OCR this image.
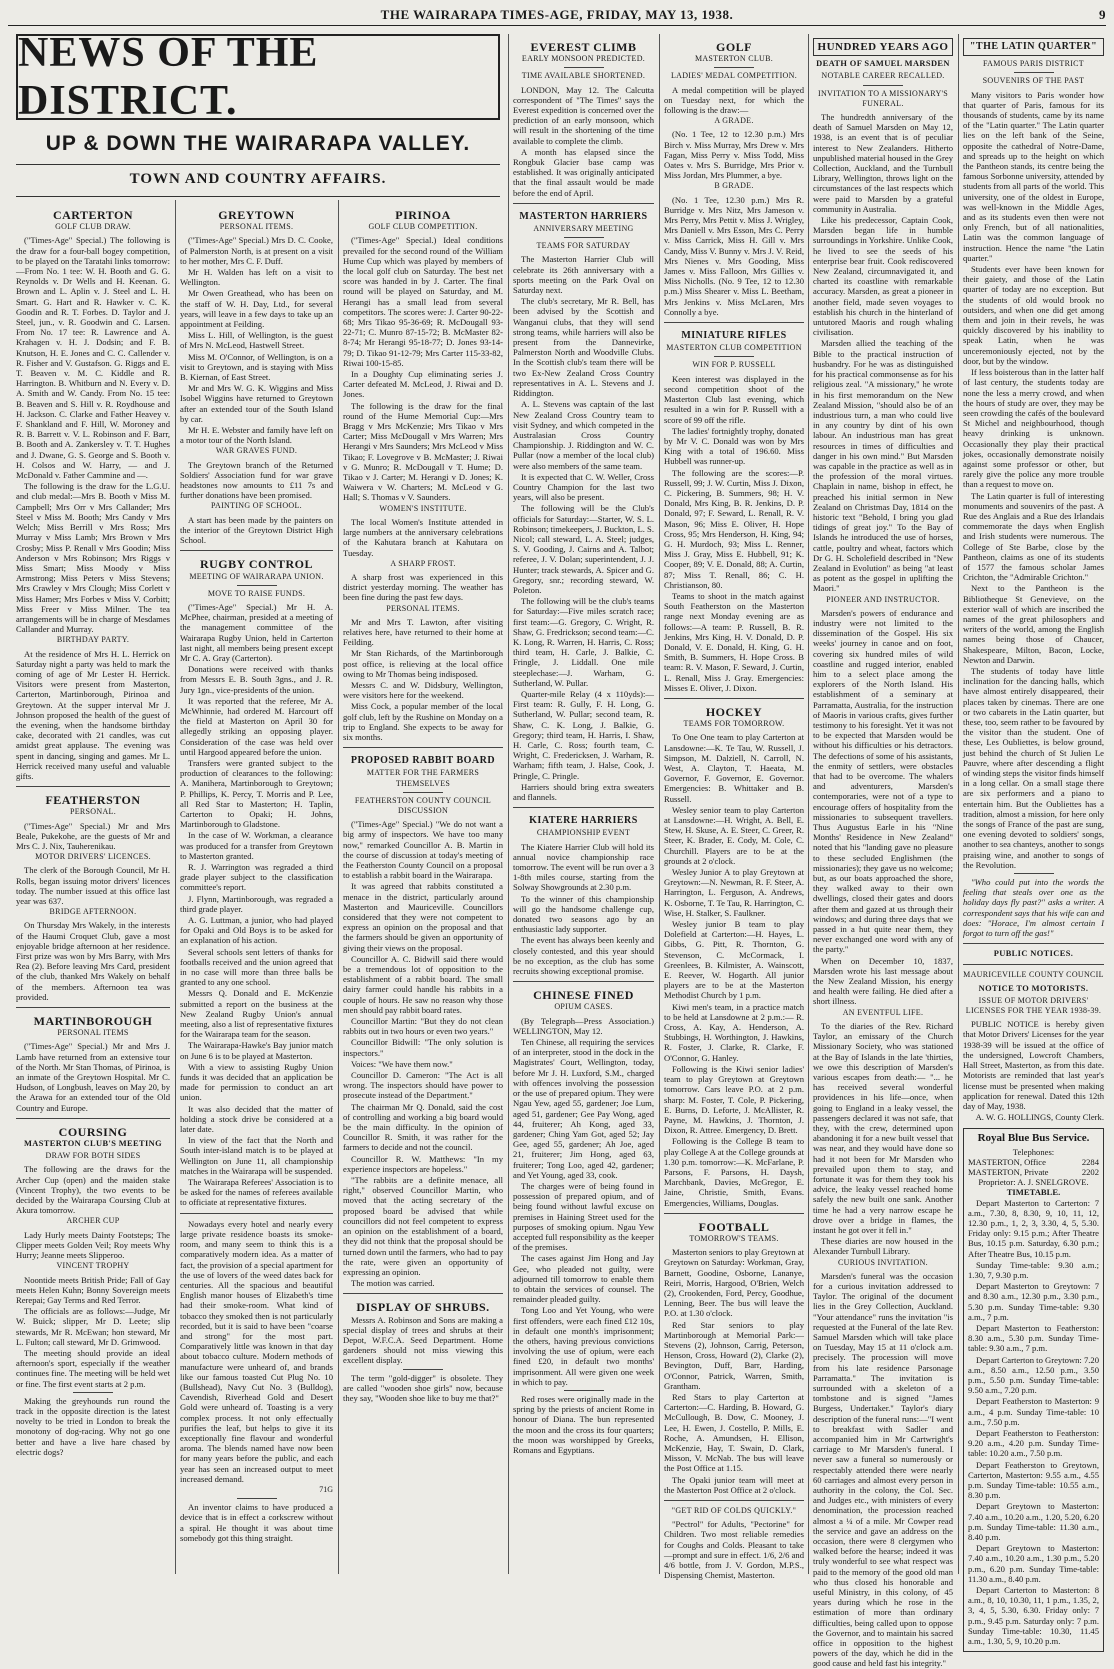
THE WAIRARAPA TIMES-AGE, FRIDAY, MAY 13, 1938.	9
NEWS OF THE DISTRICT.
UP & DOWN THE WAIRARAPA VALLEY.
TOWN AND COUNTRY AFFAIRS.
CARTERTON
GOLF CLUB DRAW.

("Times-Age" Special.) The following is the draw for a four-ball bogey competition, to be played on the Taratahi links tomorrow:—From No. 1 tee: W. H. Booth and G. G. Reynolds v. Dr Wells and H. Keenan. G. Brown and L. Aplin v. J. Steel and L. H. Smart. G. Hart and R. Hawker v. C. K. Goodin and R. T. Forbes. D. Taylor and J. Steel, jun., v. R. Goodwin and C. Larsen. From No. 17 tee: R. Lawrence and A. Krahagen v. H. J. Dodsin; and F. B. Knutson, H. E. Jones and C. C. Callender v. R. Fisher and V. Gustafson. G. Riggs and E. T. Beaven v. M. C. Kiddle and R. Harrington. B. Whitburn and N. Every v. D. A. Smith and W. Candy. From No. 15 tee: B. Beaven and S. Hill v. R. Roydhouse and H. Jackson. C. Clarke and Father Heavey v. F. Shankland and F. Hill, W. Moroney and R. B. Barrett v. V. L. Robinson and F. Barr, B. Booth and A. Zankersley v. T. T. Hughes and J. Dwane, G. S. George and S. Booth v. H. Colsos and W. Harry, — and J. McDonald v. Father Cammine and —.

The following is the draw for the L.G.U. and club medal:—Mrs B. Booth v Miss M. Campbell; Mrs Orr v Mrs Callander; Mrs Steel v Miss M. Booth; Mrs Candy v Mrs Welch; Miss Berrill v Mrs Ross; Mrs Murray v Miss Lamb; Mrs Brown v Mrs Crosby; Miss P. Renall v Mrs Goodin; Miss Anderson v Mrs Robinson; Mrs Riggs v Miss Smart; Miss Moody v Miss Armstrong; Miss Peters v Miss Stevens; Mrs Crawley v Mrs Clough; Miss Corlett v Miss Hamer; Mrs Forbes v Miss V. Corbitt; Miss Freer v Miss Milner. The tea arrangements will be in charge of Mesdames Callander and Murray.

BIRTHDAY PARTY.

At the residence of Mrs H. L. Herrick on Saturday night a party was held to mark the coming of age of Mr Lester H. Herrick. Visitors were present from Masterton, Carterton, Martinborough, Pirinoa and Greytown. At the supper interval Mr J. Johnson proposed the health of the guest of the evening, when the handsome birthday cake, decorated with 21 candles, was cut amidst great applause. The evening was spent in dancing, singing and games. Mr L. Herrick received many useful and valuable gifts.

FEATHERSTON
PERSONAL.

("Times-Age" Special.) Mr and Mrs Beale, Pukekohe, are the guests of Mr and Mrs C. J. Nix, Tauherenikau.

MOTOR DRIVERS' LICENCES.

The clerk of the Borough Council, Mr H. Rolls, began issuing motor drivers' licences today. The number issued at this office last year was 637.

BRIDGE AFTERNOON.

On Thursday Mrs Wakely, in the interests of the Haumi Croquet Club, gave a most enjoyable bridge afternoon at her residence. First prize was won by Mrs Barry, with Mrs Rea (2). Before leaving Mrs Card, president of the club, thanked Mrs Wakely on behalf of the members. Afternoon tea was provided.

MARTINBOROUGH
PERSONAL ITEMS

("Times-Age" Special.) Mr and Mrs J. Lamb have returned from an extensive tour of the North. Mr Stan Thomas, of Pirinoa, is an inmate of the Greytown Hospital. Mr C. Hudson, of Longbush, leaves on May 20, by the Arawa for an extended tour of the Old Country and Europe.

COURSING
MASTERTON CLUB'S MEETING
DRAW FOR BOTH SIDES

The following are the draws for the Archer Cup (open) and the maiden stake (Vincent Trophy), the two events to be decided by the Wairarapa Coursing Club at Akura tomorrow.

ARCHER CUP

Lady Hurly meets Dainty Footsteps; The Clipper meets Golden Veil; Roy meets Why Hurry; Jeanne meets Slipperoo.

VINCENT TROPHY

Noontide meets British Pride; Fall of Gay meets Helen Kuhn; Bonny Sovereign meets Rerepai; Gay Terms and Red Terror.

The officials are as follows:—Judge, Mr W. Buick; slipper, Mr D. Leete; slip stewards, Mr R. McEwan; hon steward, Mr L. Fulton; call steward, Mr D. Grimwood.

The meeting should provide an ideal afternoon's sport, especially if the weather continues fine. The meeting will be held wet or fine. The first event starts at 2 p.m.

Making the greyhounds run round the track in the opposite direction is the latest novelty to be tried in London to break the monotony of dog-racing. Why not go one better and have a live hare chased by electric dogs?

GREYTOWN
PERSONAL ITEMS.

("Times-Age" Special.) Mrs D. C. Cooke, of Palmerston North, is at present on a visit to her mother, Mrs C. F. Duff.

Mr H. Walden has left on a visit to Wellington.

Mr Owen Greathead, who has been on the staff of W. H. Day, Ltd., for several years, will leave in a few days to take up an appointment at Feilding.

Miss L. Hill, of Wellington, is the guest of Mrs N. McLeod, Hastwell Street.

Miss M. O'Connor, of Wellington, is on a visit to Greytown, and is staying with Miss B. Kiernan, of East Street.

Mr and Mrs W. G. K. Wiggins and Miss Isobel Wiggins have returned to Greytown after an extended tour of the South Island by car.

Mr H. E. Webster and family have left on a motor tour of the North Island.

WAR GRAVES FUND.

The Greytown branch of the Returned Soldiers' Association fund for war grave headstones now amounts to £11 7s and further donations have been promised.

PAINTING OF SCHOOL.

A start has been made by the painters on the interior of the Greytown District High School.

RUGBY CONTROL
MEETING OF WAIRARAPA UNION.
MOVE TO RAISE FUNDS.

("Times-Age" Special.) Mr H. A. McPhee, chairman, presided at a meeting of the management committee of the Wairarapa Rugby Union, held in Carterton last night, all members being present except Mr C. A. Gray (Carterton).

Donations were received with thanks from Messrs E. B. South 3gns., and J. R. Jury 1gn., vice-presidents of the union.

It was reported that the referee, Mr A. McWhinnie, had ordered M. Harcourt off the field at Masterton on April 30 for allegedly striking an opposing player. Consideration of the case was held over until Hargood appeared before the union.

Transfers were granted subject to the production of clearances to the following: A. Manihera, Martinborough to Greytown; P. Phillips, K. Percy, T. Morris and P. Lee, all Red Star to Masterton; H. Taplin, Carterton to Opaki; H. Johns, Martinborough to Gladstone.

In the case of W. Workman, a clearance was produced for a transfer from Greytown to Masterton granted.

R. J. Warrington was regraded a third grade player subject to the classification committee's report.

J. Flynn, Martinborough, was regraded a third grade player.

A. G. Luttman, a junior, who had played for Opaki and Old Boys is to be asked for an explanation of his action.

Several schools sent letters of thanks for footballs received and the union agreed that in no case will more than three balls be granted to any one school.

Messrs Q. Donald and E. McKenzie submitted a report on the business at the New Zealand Rugby Union's annual meeting, also a list of representative fixtures for the Wairarapa team for the season.

The Wairarapa-Hawke's Bay junior match on June 6 is to be played at Masterton.

With a view to assisting Rugby Union funds it was decided that an application be made for permission to conduct an art union.

It was also decided that the matter of holding a stock drive be considered at a later date.

In view of the fact that the North and South inter-island match is to be played at Wellington on June 11, all championship matches in the Wairarapa will be suspended.

The Wairarapa Referees' Association is to be asked for the names of referees available to officiate at representative fixtures.

Nowadays every hotel and nearly every large private residence boasts its smoke-room, and many seem to think this is a comparatively modern idea. As a matter of fact, the provision of a special apartment for the use of lovers of the weed dates back for centuries. All the spacious and beautiful English manor houses of Elizabeth's time had their smoke-room. What kind of tobacco they smoked then is not particularly recorded, but it is said to have been "coarse and strong" for the most part. Comparatively little was known in that day about tobacco culture. Modern methods of manufacture were unheard of, and brands like our famous toasted Cut Plug No. 10 (Bullshead), Navy Cut No. 3 (Bulldog), Cavendish, Riverhead Gold and Desert Gold were unheard of. Toasting is a very complex process. It not only effectually purifies the leaf, but helps to give it its exceptionally fine flavour and wonderful aroma. The blends named have now been for many years before the public, and each year has seen an increased output to meet increased demand.

71G

An inventor claims to have produced a device that is in effect a corkscrew without a spiral. He thought it was about time somebody got this thing straight.

PIRINOA
GOLF CLUB COMPETITION.

("Times-Age" Special.) Ideal conditions prevailed for the second round of the William Hume Cup which was played by members of the local golf club on Saturday. The best net score was handed in by J. Carter. The final round will be played on Saturday, and M. Herangi has a small lead from several competitors. The scores were: J. Carter 90-22-68; Mrs Tikao 95-36-69; R. McDougall 93-22-71; C. Munro 87-15-72; B. McMaster 82-8-74; Mr Herangi 95-18-77; D. Jones 93-14-79; D. Tikao 91-12-79; Mrs Carter 115-33-82, Riwai 100-15-85.

In a Doughty Cup eliminating series J. Carter defeated M. McLeod, J. Riwai and D. Jones.

The following is the draw for the final round of the Hume Memorial Cup:—Mrs Bragg v Mrs McKenzie; Mrs Tikao v Mrs Carter; Miss McDougall v Mrs Warren; Mrs Herangi v Mrs Saunders; Mrs McLeod v Miss Tikao; F. Lovegrove v B. McMaster; J. Riwai v G. Munro; R. McDougall v T. Hume; D. Tikao v J. Carter; M. Herangi v D. Jones; K. Waiwera v W. Charters; M. McLeod v G. Hall; S. Thomas v V. Saunders.

WOMEN'S INSTITUTE.

The local Women's Institute attended in large numbers at the anniversary celebrations of the Kahutara branch at Kahutara on Tuesday.

A SHARP FROST.

A sharp frost was experienced in this district yesterday morning. The weather has been fine during the past few days.

PERSONAL ITEMS.

Mr and Mrs T. Lawton, after visiting relatives here, have returned to their home at Feilding.

Mr Stan Richards, of the Martinborough post office, is relieving at the local office owing to Mr Thomas being indisposed.

Messrs C. and W. Didsbury, Wellington, were visitors here for the weekend.

Miss Cock, a popular member of the local golf club, left by the Rushine on Monday on a trip to England. She expects to be away for six months.

PROPOSED RABBIT BOARD
MATTER FOR THE FARMERS THEMSELVES
FEATHERSTON COUNTY COUNCIL DISCUSSION

("Times-Age" Special.) "We do not want a big army of inspectors. We have too many now," remarked Councillor A. B. Martin in the course of discussion at today's meeting of the Featherston County Council on a proposal to establish a rabbit board in the Wairarapa.

It was agreed that rabbits constituted a menace in the district, particularly around Masterton and Mauriceville. Councillors considered that they were not competent to express an opinion on the proposal and that the farmers should be given an opportunity of giving their views on the proposal.

Councillor A. C. Bidwill said there would be a tremendous lot of opposition to the establishment of a rabbit board. The small dairy farmer could handle his rabbits in a couple of hours. He saw no reason why those men should pay rabbit board rates.

Councillor Martin: "But they do not clean rabbits out in two hours or even two years."

Councillor Bidwill: "The only solution is inspectors."

Voices: "We have them now."

Councillor D. Cameron: "The Act is all wrong. The inspectors should have power to prosecute instead of the Department."

The chairman Mr Q. Donald, said the cost of controlling and working a big board would be the main difficulty. In the opinion of Councillor R. Smith, it was rather for the farmers to decide and not the council.

Councillor R. W. Matthews: "In my experience inspectors are hopeless."

"The rabbits are a definite menace, all right," observed Councillor Martin, who moved that the acting secretary of the proposed board be advised that while councillors did not feel competent to express an opinion on the establishment of a board, they did not think that the proposal should be turned down until the farmers, who had to pay the rate, were given an opportunity of expressing an opinion.

The motion was carried.

DISPLAY OF SHRUBS.

Messrs A. Robinson and Sons are making a special display of trees and shrubs at their Depot, W.F.C.A. Seed Department. Home gardeners should not miss viewing this excellent display.

The term "gold-digger" is obsolete. They are called "wooden shoe girls" now, because they say, "Wooden shoe like to buy me that?"

EVEREST CLIMB
EARLY MONSOON PREDICTED.
TIME AVAILABLE SHORTENED.

LONDON, May 12. The Calcutta correspondent of "The Times" says the Everest expedition is concerned over the prediction of an early monsoon, which will result in the shortening of the time available to complete the climb.

A month has elapsed since the Rongbuk Glacier base camp was established. It was originally anticipated that the final assault would be made before the end of April.

MASTERTON HARRIERS
ANNIVERSARY MEETING
TEAMS FOR SATURDAY

The Masterton Harrier Club will celebrate its 26th anniversary with a sports meeting on the Park Oval on Saturday next.

The club's secretary, Mr R. Bell, has been advised by the Scottish and Wanganui clubs, that they will send strong teams, while harriers will also be present from the Dannevirke, Palmerston North and Woodville Clubs. In the Scottish club's team there will be two Ex-New Zealand Cross Country representatives in A. L. Stevens and J. Riddington.

A. L. Stevens was captain of the last New Zealand Cross Country team to visit Sydney, and which competed in the Australasian Cross Country Championship. J. Riddington and W. C. Pullar (now a member of the local club) were also members of the same team.

It is expected that C. W. Weller, Cross Country Champion for the last two years, will also be present.

The following will be the Club's officials for Saturday:—Starter, W. S. L. Robinson; timekeepers, J. Buckton, L. S. Nicol; call steward, L. A. Steel; judges, S. V. Gooding, J. Cairns and A. Talbot; referee, J. V. Dolan; superintendent, J. J. Hunter; track stewards, A. Spicer and G. Gregory, snr.; recording steward, W. Poleton.

The following will be the club's teams for Saturday:—Five miles scratch race; first team:—G. Gregory, C. Wright, R. Shaw, G. Fredrickson; second team:—C. K. Long, R. Warren, H. Harris, C. Ross; third team, H. Carle, J. Balkie, C. Fringle, J. Liddall. One mile steeplechase:—J. Warham, G. Sutherland, W. Pullar.

Quarter-mile Relay (4 x 110yds):— First team: R. Gully, F. H. Long, G. Sutherland, W. Pullar; second team, R. Shaw, C. K. Long, J. Balkie, G. Gregory; third team, H. Harris, I. Shaw, H. Carle, C. Ross; fourth team, C. Wright, C. Fredericksen, J. Warham, R. Warham; fifth team, J. Halse, Cook, J. Pringle, C. Pringle.

Harriers should bring extra sweaters and flannels.

KIATERE HARRIERS
CHAMPIONSHIP EVENT

The Kiatere Harrier Club will hold its annual novice championship race tomorrow. The event will be run over a 3 1-8th miles course, starting from the Solway Showgrounds at 2.30 p.m.

To the winner of this championship will go the handsome challenge cup, donated two seasons ago by an enthusiastic lady supporter.

The event has always been keenly and closely contested, and this year should be no exception, as the club has some recruits showing exceptional promise.

CHINESE FINED
OPIUM CASES.

(By Telegraph—Press Association.) WELLINGTON, May 12.

Ten Chinese, all requiring the services of an interpreter, stood in the dock in the Magistrates' Court, Wellington, today, before Mr J. H. Luxford, S.M., charged with offences involving the possession or the use of prepared opium. They were Ngau Yew, aged 55, gardener; Joe Lum, aged 51, gardener; Gee Pay Wong, aged 44, fruiterer; Ah Kong, aged 33, gardener; Ching Yam Got, aged 52; Jay Gee, aged 55, gardener; Ah Joe, aged 21, fruiterer; Jim Hong, aged 63, fruiterer; Tong Loo, aged 42, gardener; and Yet Young, aged 33, cook.

The charges were of being found in possession of prepared opium, and of being found without lawful excuse on premises in Haining Street used for the purposes of smoking opium. Ngau Yew accepted full responsibility as the keeper of the premises.

The cases against Jim Hong and Jay Gee, who pleaded not guilty, were adjourned till tomorrow to enable them to obtain the services of counsel. The remainder pleaded guilty.

Tong Loo and Yet Young, who were first offenders, were each fined £12 10s, in default one month's imprisonment; the others, having previous convictions involving the use of opium, were each fined £20, in default two months' imprisonment. All were given one week in which to pay.

Red roses were originally made in the spring by the priests of ancient Rome in honour of Diana. The bun represented the moon and the cross its four quarters; the moon was worshipped by Greeks, Romans and Egyptians.

GOLF
MASTERTON CLUB.
LADIES' MEDAL COMPETITION.

A medal competition will be played on Tuesday next, for which the following is the draw:—

A GRADE.

(No. 1 Tee, 12 to 12.30 p.m.) Mrs Birch v. Miss Murray, Mrs Drew v. Mrs Fagan, Miss Perry v. Miss Todd, Miss Oates v. Mrs S. Burridge, Mrs Prior v. Miss Jordan, Mrs Plummer, a bye.

B GRADE.

(No. 1 Tee, 12.30 p.m.) Mrs R. Burridge v. Mrs Nitz, Mrs Jameson v. Mrs Perry, Mrs Pettit v. Miss J. Wrigley, Mrs Daniell v. Mrs Esson, Mrs C. Perry v. Miss Carrick, Miss H. Gill v. Mrs Candy, Miss V. Bunny v. Mrs J. V. Reid, Mrs Nienes v. Mrs Gooding, Miss James v. Miss Falloon, Mrs Gillies v. Miss Nicholls. (No. 9 Tee, 12 to 12.30 p.m.) Miss Shearer v. Miss L. Beetham, Mrs Jenkins v. Miss McLaren, Mrs Connolly a bye.

MINIATURE RIFLES
MASTERTON CLUB COMPETITION
WIN FOR P. RUSSELL

Keen interest was displayed in the second competition shoot of the Masterton Club last evening, which resulted in a win for P. Russell with a score of 99 off the rifle.

The ladies' fortnightly trophy, donated by Mr V. C. Donald was won by Mrs King with a total of 196.60. Miss Hubbell was runner-up.

The following are the scores:—P. Russell, 99; J. W. Curtin, Miss J. Dixon, C. Pickering, B. Summers, 98; H. V. Donald, Mrs King, B. R. Jenkins, D. P. Donald, 97; F. Seward, L. Renall, R. V. Mason, 96; Miss E. Oliver, H. Hope Cross, 95; Mrs Henderson, H. King, 94; G. H. Murdoch, 93; Miss L. Renner, Miss J. Gray, Miss E. Hubbell, 91; K. Cooper, 89; V. E. Donald, 88; A. Curtin, 87; Miss T. Renall, 86; C. H. Christianson, 80.

Teams to shoot in the match against South Featherston on the Masterton range next Monday evening are as follows:—A team: P. Russell, B. R. Jenkins, Mrs King, H. V. Donald, D. P. Donald, V. E. Donald, H. King, G. H. Smith, B. Summers, H. Hope Cross. B team: R. V. Mason, F. Seward, J. Curtin, L. Renall, Miss J. Gray. Emergencies: Misses E. Oliver, J. Dixon.

HOCKEY
TEAMS FOR TOMORROW.

To One One team to play Carterton at Lansdowne:—K. Te Tau, W. Russell, J. Simpson, M. Dalziell, N. Carroll, N. West, A. Clayton, T. Haeata, M. Governor, F. Governor, E. Governor. Emergencies: B. Whittaker and B. Russell.

Wesley senior team to play Carterton at Lansdowne:—H. Wright, A. Bell, E. Stew, H. Skuse, A. E. Steer, C. Greer, R. Steer, K. Brader, E. Cody, M. Cole, C. Churchill. Players are to be at the grounds at 2 o'clock.

Wesley Junior A to play Greytown at Greytown:—N. Newman, R. F. Steer, A. Harrington, L. Ferguson, A. Andrews, K. Osborne, T. Te Tau, R. Harrington, C. Wise, H. Stalker, S. Faulkner.

Wesley junior B team to play Dolefield at Carterton:—H. Hayes, L. Gibbs, G. Pitt, R. Thornton, G. Stevenson, C. McCormack, I. Greenlees, B. Kilmister, A. Wainscott, E. Reever, W. Hogarth. All junior players are to be at the Masterton Methodist Church by 1 p.m.

Kiwi men's team, in a practice match to be held at Lansdowne at 2 p.m.:— R. Cross, A. Kay, A. Henderson, A. Stubbings, H. Worthington, J. Hawkins, R. Foster, J. Clarke, R. Clarke, F. O'Connor, G. Hanley.

Following is the Kiwi senior ladies' team to play Greytown at Greytown tomorrow. Cars leave P.O. at 2 p.m. sharp: M. Foster, T. Cole, P. Pickering, E. Burns, D. Leforte, J. McAllister, R. Payne, M. Hawkins, J. Thornton, J. Dixon, R. Attree. Emergency, D. Brett.

Following is the College B team to play College A at the College grounds at 1.30 p.m. tomorrow:—K. McFarlane, P. Parsons, F. Parsons, H. Daysh, Marchbank, Davies, McGregor, E. Jaine, Christie, Smith, Evans. Emergencies, Williams, Douglas.

FOOTBALL
TOMORROW'S TEAMS.

Masterton seniors to play Greytown at Greytown on Saturday: Workman, Gray, Barnett, Goodine, Osborne, Lananye, Reiri, Morris, Hargood, O'Brien, Welch (2), Crookenden, Ford, Percy, Goodhue, Lenning, Beer. The bus will leave the P.O. at 1.30 o'clock.

Red Star seniors to play Martinborough at Memorial Park:—Stevens (2), Johnson, Carrig, Peterson, Henson, Cross, Howard (2), Clarke (2), Bevington, Duff, Barr, Harding, O'Connor, Patrick, Warren, Smith, Grantham.

Red Stars to play Carterton at Carterton:—C. Harding, B. Howard, G. McCullough, B. Dow, C. Mooney, J. Lee, H. Ewen, J. Costello, P. Mills, E. Roche, A. Amundsen, H. Ellison, McKenzie, Hay, T. Swain, D. Clark, Misson, V. McNab. The bus will leave the Post Office at 1.15.

The Opaki junior team will meet at the Masterton Post Office at 2 o'clock.

"GET RID OF COLDS QUICKLY."

"Pectrol" for Adults, "Pectorine" for Children. Two most reliable remedies for Coughs and Colds. Pleasant to take—prompt and sure in effect. 1/6, 2/6 and 4/6 bottle, from J. V. Gordon, M.P.S., Dispensing Chemist, Masterton.

HUNDRED YEARS AGO
DEATH OF SAMUEL MARSDEN
NOTABLE CAREER RECALLED.
INVITATION TO A MISSIONARY'S FUNERAL.

The hundredth anniversary of the death of Samuel Marsden on May 12, 1938, is an event that is of peculiar interest to New Zealanders. Hitherto unpublished material housed in the Grey Collection, Auckland, and the Turnbull Library, Wellington, throws light on the circumstances of the last respects which were paid to Marsden by a grateful community in Australia.

Like his predecessor, Captain Cook, Marsden began life in humble surroundings in Yorkshire. Unlike Cook, he lived to see the seeds of his enterprise bear fruit. Cook rediscovered New Zealand, circumnavigated it, and charted its coastline with remarkable accuracy. Marsden, as great a pioneer in another field, made seven voyages to establish his church in the hinterland of untutored Maoris and rough whaling civilisation.

Marsden allied the teaching of the Bible to the practical instruction of husbandry. For he was as distinguished for his practical commonsense as for his religious zeal. "A missionary," he wrote in his first memorandum on the New Zealand Mission, "should also be of an industrious turn, a man who could live in any country by dint of his own labour. An industrious man has great resources in times of difficulties and danger in his own mind." But Marsden was capable in the practice as well as in the profession of the moral virtues. Chaplain in name, bishop in effect, he preached his initial sermon in New Zealand on Christmas Day, 1814 on the historic text "Behold, I bring you glad tidings of great joy." To the Bay of Islands he introduced the use of horses, cattle, poultry and wheat, factors which Dr G. H. Scholefield described in "New Zealand in Evolution" as being "at least as potent as the gospel in uplifting the Maori."

PIONEER AND INSTRUCTOR.

Marsden's powers of endurance and industry were not limited to the dissemination of the Gospel. His six weeks' journey in canoe and on foot, covering six hundred miles of wild coastline and rugged interior, enabled him to a select place among the explorers of the North Island. His establishment of a seminary at Parramatta, Australia, for the instruction of Maoris in various crafts, gives further testimony to his foresight. Yet it was not to be expected that Marsden would be without his difficulties or his detractors. The defections of some of his assistants, the enmity of settlers, were obstacles that had to be overcome. The whalers and adventurers, Marsden's contemporaries, were not of a type to encourage offers of hospitality from the missionaries to subsequent travellers. Thus Augustus Earle in his "Nine Months' Residence in New Zealand" noted that his "landing gave no pleasure to these secluded Englishmen (the missionaries); they gave us no welcome; but, as our boats approached the shore, they walked away to their own dwellings, closed their gates and doors after them and gazed at us through their windows; and during three days that we passed in a hut quite near them, they never exchanged one word with any of the party."

When on December 10, 1837, Marsden wrote his last message about the New Zealand Mission, his energy and health were failing. He died after a short illness.

AN EVENTFUL LIFE.

To the diaries of the Rev. Richard Taylor, an emissary of the Church Missionary Society, who was stationed at the Bay of Islands in the late 'thirties, we owe this description of Marsden's various escapes from death:— "... he has received several wonderful providences in his life—once, when going to England in a leaky vessel, the passengers declared it was not safe, that they, with the crew, determined upon abandoning it for a new built vessel that was near, and they would have done so had it not been for Mr Marsden who prevailed upon them to stay, and fortunate it was for them they took his advice, the leaky vessel reached home safely the new built one sank. Another time he had a very narrow escape he drove over a bridge in flames, the instant he got over it fell in."

These diaries are now housed in the Alexander Turnbull Library.

CURIOUS INVITATION.

Marsden's funeral was the occasion for a curious invitation addressed to Taylor. The original of the document lies in the Grey Collection, Auckland. "Your attendance" runs the invitation "is requested at the Funeral of the late Rev. Samuel Marsden which will take place on Tuesday, May 15 at 11 o'clock a.m. precisely. The procession will move from his late residence Parsonage Parramatta." The invitation is surrounded with a skeleton of a tombstone and is signed "James Burgess, Undertaker." Taylor's diary description of the funeral runs:—"I went to breakfast with Sadler and accompanied him in Mr Cartwright's carriage to Mr Marsden's funeral. I never saw a funeral so numerously or respectably attended there were nearly 60 carriages and almost every person in authority in the colony, the Col. Sec. and Judges etc., with ministers of every denomination, the procession reached almost a ¼ of a mile. Mr Cowper read the service and gave an address on the occasion, there were 8 clergymen who walked before the hearse; indeed it was truly wonderful to see what respect was paid to the memory of the good old man who thus closed his honorable and useful Ministry, in this colony, of 45 years during which he rose in the estimation of more than ordinary difficulties, being called upon to oppose the Governor, and to maintain his sacred office in opposition to the highest powers of the day, which he did in the good cause and held fast his integrity."

"THE LATIN QUARTER"
FAMOUS PARIS DISTRICT
SOUVENIRS OF THE PAST

Many visitors to Paris wonder how that quarter of Paris, famous for its thousands of students, came by its name of the "Latin quarter." The Latin quarter lies on the left bank of the Seine, opposite the cathedral of Notre-Dame, and spreads up to the height on which the Pantheon stands, its centre being the famous Sorbonne university, attended by students from all parts of the world. This university, one of the oldest in Europe, was well-known in the Middle Ages, and as its students even then were not only French, but of all nationalities, Latin was the common language of instruction. Hence the name "the Latin quarter."

Students ever have been known for their gaiety, and those of the Latin quarter of today are no exception. But the students of old would brook no outsiders, and when one did get among them and join in their revels, he was quickly discovered by his inability to speak Latin, when he was unceremoniously ejected, not by the door, but by the window.

If less boisterous than in the latter half of last century, the students today are none the less a merry crowd, and when the hours of study are over, they may be seen crowding the cafés of the boulevard St Michel and neighbourhood, though heavy drinking is unknown. Occasionally they play their practical jokes, occasionally demonstrate noisily against some professor or other, but rarely give the police any more trouble than a request to move on.

The Latin quarter is full of interesting monuments and souvenirs of the past. A Rue des Anglais and a Rue des Irlandais commemorate the days when English and Irish students were numerous. The College of Ste Barbe, close by the Pantheon, claims as one of its students of 1577 the famous scholar James Crichton, the "Admirable Crichton."

Next to the Pantheon is the Bibliotheque St Genevieve, on the exterior wall of which are inscribed the names of the great philosophers and writers of the world, among the English names being those of Chaucer, Shakespeare, Milton, Bacon, Locke, Newton and Darwin.

The students of today have little inclination for the dancing halls, which have almost entirely disappeared, their places taken by cinemas. There are one or two cabarets in the Latin quarter, but these, too, seem rather to be favoured by the visitor than the student. One of these, Les Oubliettes, is below ground, just behind the church of St Julien Le Pauvre, where after descending a flight of winding steps the visitor finds himself in a long cellar. On a small stage there are six performers and a piano to entertain him. But the Oubliettes has a tradition, almost a mission, for here only the songs of France of the past are sung, one evening devoted to soldiers' songs, another to sea chanteys, another to songs praising wine, and another to songs of the Revolution.

"Who could put into the words the feeling that steals over one as the holiday days fly past?" asks a writer. A correspondent says that his wife can and does: "Horace, I'm almost certain I forgot to turn off the gas!"

PUBLIC NOTICES.
MAURICEVILLE COUNTY COUNCIL
NOTICE TO MOTORISTS.
ISSUE OF MOTOR DRIVERS' LICENSES FOR THE YEAR 1938-39.

PUBLIC NOTICE is hereby given that Motor Drivers' Licenses for the year 1938-39 will be issued at the office of the undersigned, Lowcroft Chambers, Hall Street, Masterton, as from this date. Motorists are reminded that last year's license must be presented when making application for renewal. Dated this 12th day of May, 1938.

A. W. G. HOLLINGS, County Clerk.

Royal Blue Bus Service.
Telephones:
MASTERTON, Office	2284
MASTERTON, Private	2202
Proprietor: A. J. SNELGROVE.
TIMETABLE.

Depart Masterton to Carterton: 7 a.m., 7.30, 8, 8.30, 9, 10, 11, 12, 12.30 p.m., 1, 2, 3, 3.30, 4, 5, 5.30. Friday only: 9.15 p.m.; After Theatre Bus, 10.15 p.m. Saturday, 6.30 p.m.; After Theatre Bus, 10.15 p.m.

Sunday Time-table: 9.30 a.m.; 1.30, 7, 9.30 p.m.

Depart Masterton to Greytown: 7 and 8.30 a.m., 12.30 p.m., 3.30 p.m., 5.30 p.m. Sunday Time-table: 9.30 a.m., 7 p.m.

Depart Masterton to Featherston: 8.30 a.m., 5.30 p.m. Sunday Time-table: 9.30 a.m., 7 p.m.

Depart Carterton to Greytown: 7.20 a.m., 8.50 a.m., 12.50 p.m., 3.50 p.m., 5.50 p.m. Sunday Time-table: 9.50 a.m., 7.20 p.m.

Depart Featherston to Masterton: 9 a.m., 4 p.m. Sunday Time-table: 10 a.m., 7.50 p.m.

Depart Featherston to Featherston: 9.20 a.m., 4.20 p.m. Sunday Time-table: 10.20 a.m., 7.50 p.m.

Depart Featherston to Greytown, Carterton, Masterton: 9.55 a.m., 4.55 p.m. Sunday Time-table: 10.55 a.m., 8.30 p.m.

Depart Greytown to Masterton: 7.40 a.m., 10.20 a.m., 1.20, 5.20, 6.20 p.m. Sunday Time-table: 11.30 a.m., 8.40 p.m.

Depart Greytown to Masterton: 7.40 a.m., 10.20 a.m., 1.30 p.m., 5.20 p.m., 6.20 p.m. Sunday Time-table: 11.30 a.m., 8.40 p.m.

Depart Carterton to Masterton: 8 a.m., 8, 10, 10.30, 11, 1 p.m., 1.35, 2, 3, 4, 5, 5.30, 6.30. Friday only: 7 p.m., 9.45 p.m. Saturday only: 7 p.m. Sunday Time-table: 10.30, 11.45 a.m., 1.30, 5, 9, 10.20 p.m.
